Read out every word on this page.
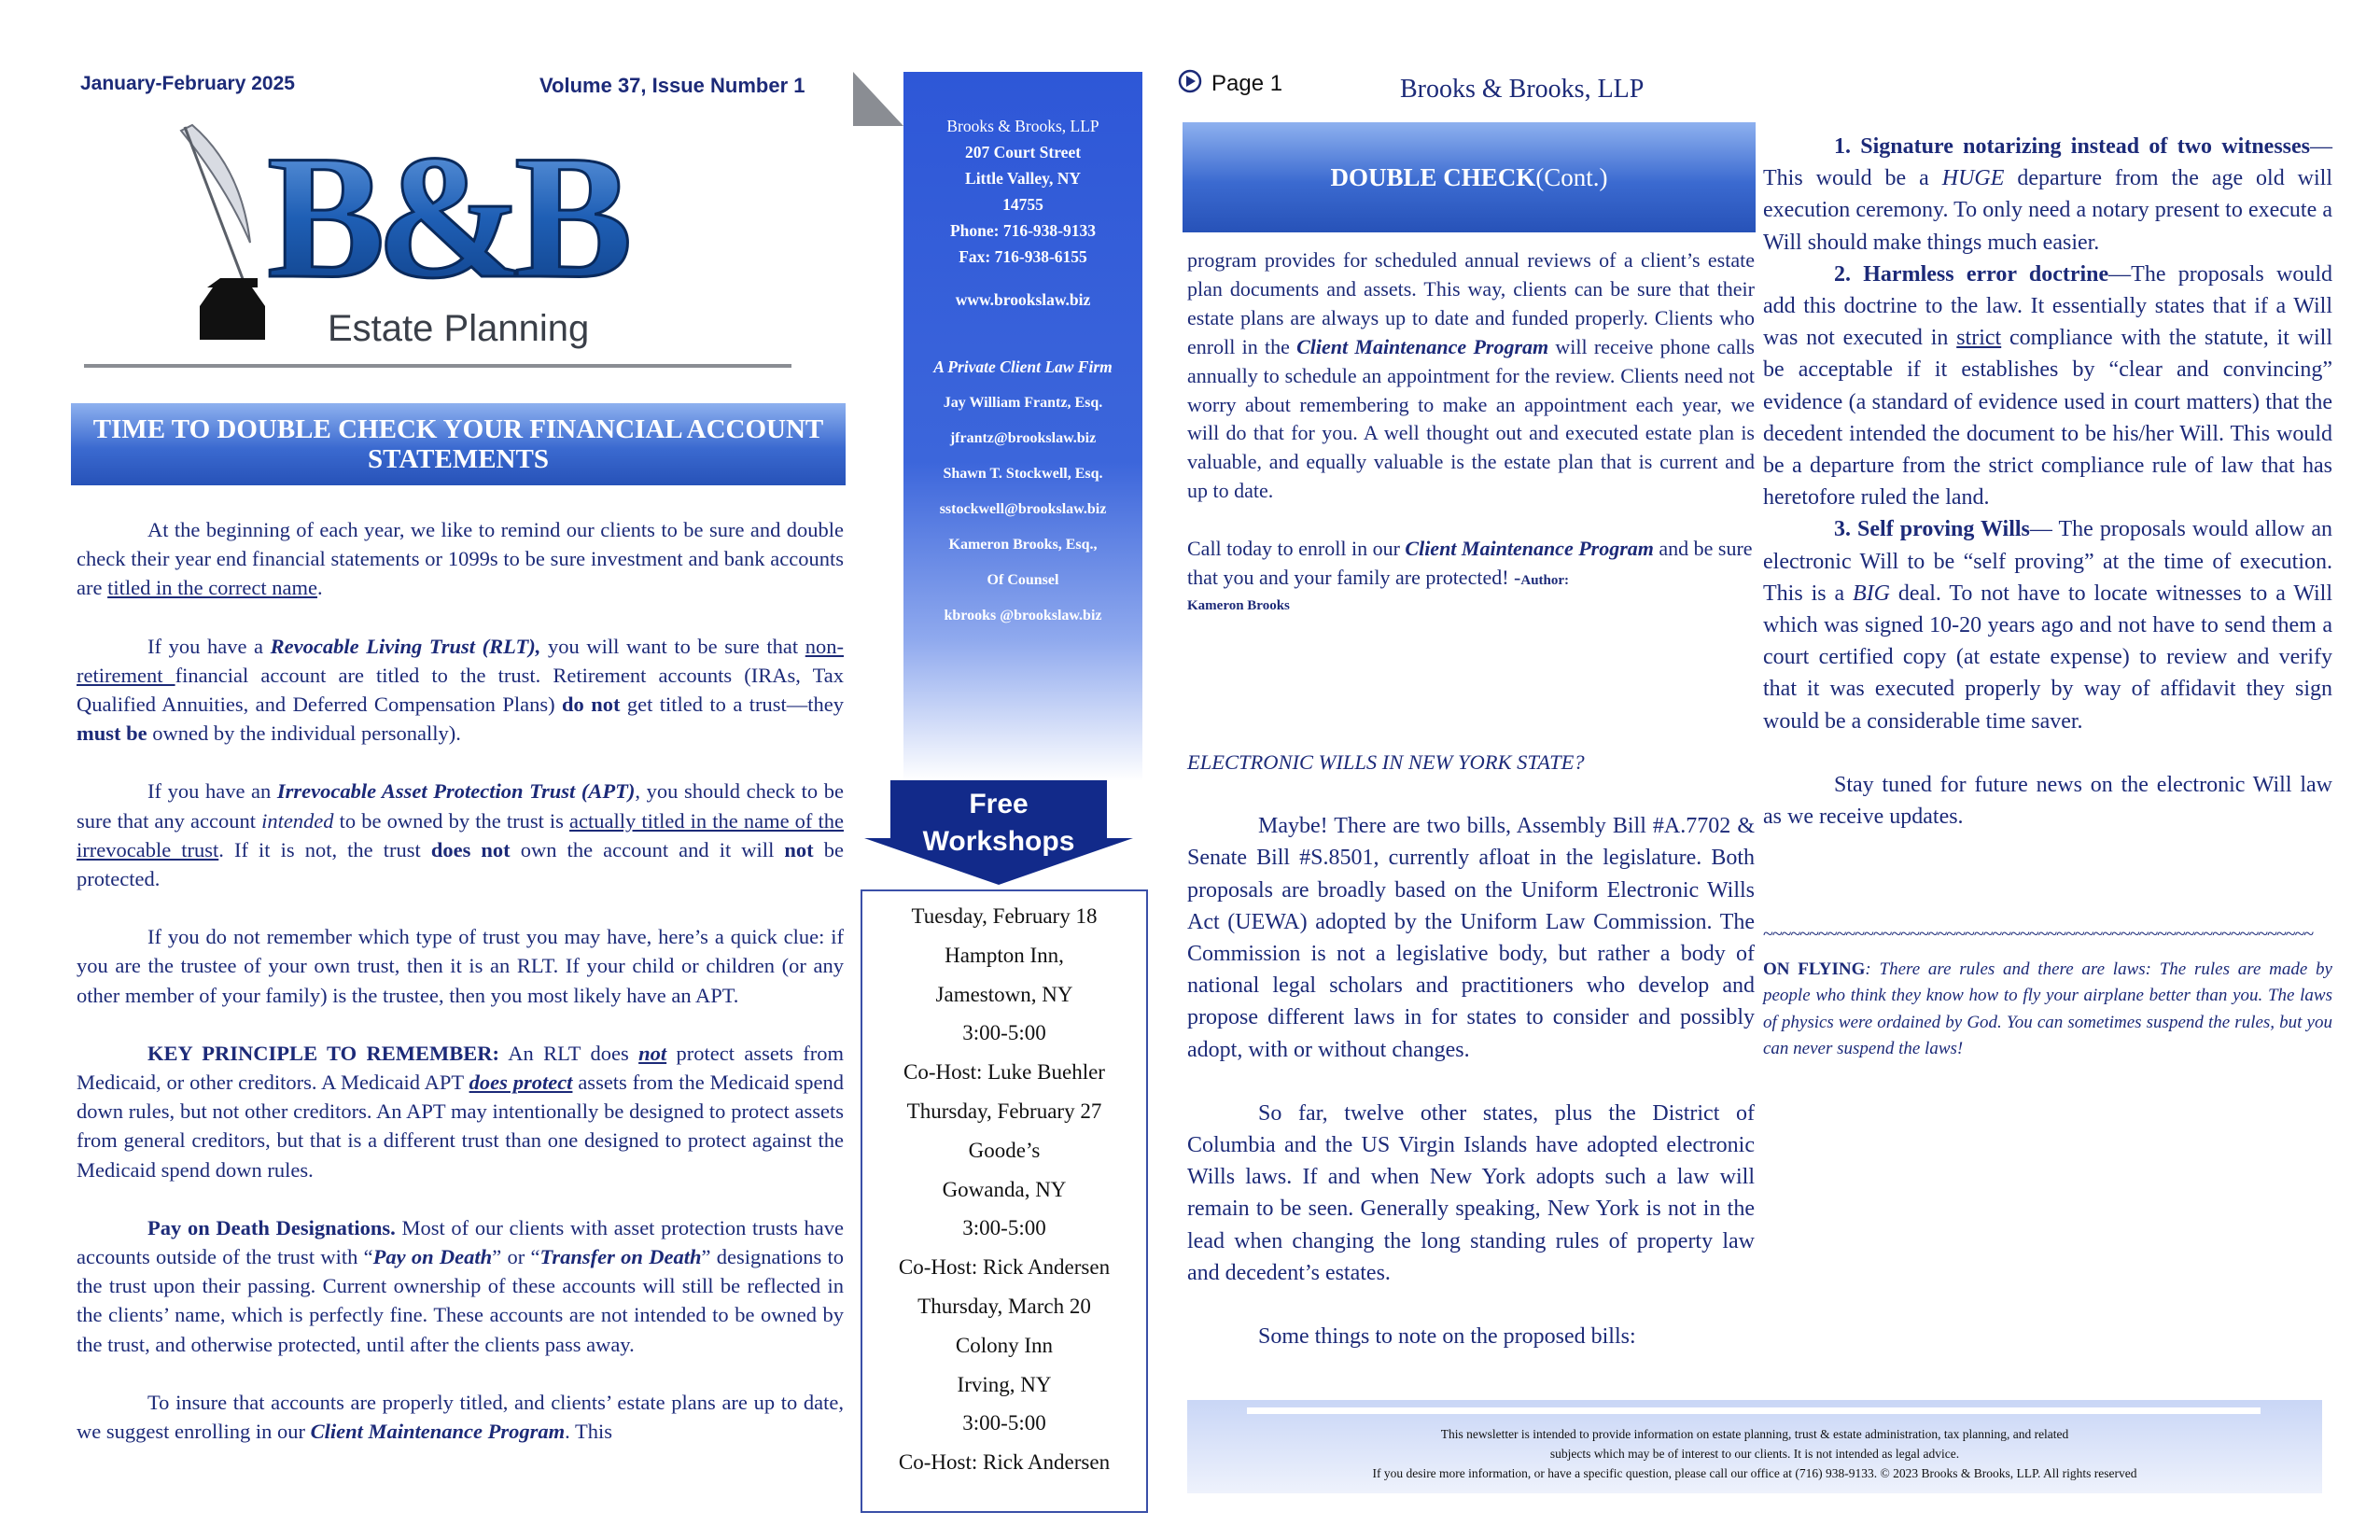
January-February 2025	Volume 37, Issue Number 1
B&B
Estate Planning
TIME TO DOUBLE CHECK YOUR FINANCIAL ACCOUNT STATEMENTS

At the beginning of each year, we like to remind our clients to be sure and double check their year end financial statements or 1099s to be sure investment and bank accounts are titled in the correct name.

If you have a Revocable Living Trust (RLT), you will want to be sure that non-retirement financial account are titled to the trust. Retirement accounts (IRAs, Tax Qualified Annuities, and Deferred Compensation Plans) do not get titled to a trust—they must be owned by the individual personally).

If you have an Irrevocable Asset Protection Trust (APT), you should check to be sure that any account intended to be owned by the trust is actually titled in the name of the irrevocable trust. If it is not, the trust does not own the account and it will not be protected.

If you do not remember which type of trust you may have, here’s a quick clue: if you are the trustee of your own trust, then it is an RLT. If your child or children (or any other member of your family) is the trustee, then you most likely have an APT.

KEY PRINCIPLE TO REMEMBER: An RLT does not protect assets from Medicaid, or other creditors. A Medicaid APT does protect assets from the Medicaid spend down rules, but not other creditors. An APT may intentionally be designed to protect assets from general creditors, but that is a different trust than one designed to protect against the Medicaid spend down rules.

Pay on Death Designations. Most of our clients with asset protection trusts have accounts outside of the trust with “Pay on Death” or “Transfer on Death” designations to the trust upon their passing. Current ownership of these accounts will still be reflected in the clients’ name, which is perfectly fine. These accounts are not intended to be owned by the trust, and otherwise protected, until after the clients pass away.

To insure that accounts are properly titled, and clients’ estate plans are up to date, we suggest enrolling in our Client Maintenance Program. This

Brooks & Brooks, LLP
207 Court Street
Little Valley, NY
14755
Phone: 716-938-9133
Fax: 716-938-6155
www.brookslaw.biz
A Private Client Law Firm
Jay William Frantz, Esq.
jfrantz@brookslaw.biz
Shawn T. Stockwell, Esq.
sstockwell@brookslaw.biz
Kameron Brooks, Esq.,
Of Counsel
kbrooks @brookslaw.biz
Free
Workshops
Tuesday, February 18
Hampton Inn,
Jamestown, NY
3:00-5:00
Co-Host: Luke Buehler
Thursday, February 27
Goode’s
Gowanda, NY
3:00-5:00
Co-Host: Rick Andersen
Thursday, March 20
Colony Inn
Irving, NY
3:00-5:00
Co-Host: Rick Andersen
Page 1	Brooks & Brooks, LLP
DOUBLE CHECK (Cont.)

program provides for scheduled annual reviews of a client’s estate plan documents and assets. This way, clients can be sure that their estate plans are always up to date and funded properly. Clients who enroll in the Client Maintenance Program will receive phone calls annually to schedule an appointment for the review. Clients need not worry about remembering to make an appointment each year, we will do that for you. A well thought out and executed estate plan is valuable, and equally valuable is the estate plan that is current and up to date.

Call today to enroll in our Client Maintenance Program and be sure that you and your family are protected! -Author:

Kameron Brooks

ELECTRONIC WILLS IN NEW YORK STATE?

Maybe! There are two bills, Assembly Bill #A.7702 & Senate Bill #S.8501, currently afloat in the legislature. Both proposals are broadly based on the Uniform Electronic Wills Act (UEWA) adopted by the Uniform Law Commission. The Commission is not a legislative body, but rather a body of national legal scholars and practitioners who develop and propose different laws in for states to consider and possibly adopt, with or without changes.

So far, twelve other states, plus the District of Columbia and the US Virgin Islands have adopted electronic Wills laws. If and when New York adopts such a law will remain to be seen. Generally speaking, New York is not in the lead when changing the long standing rules of property law and decedent’s estates.

Some things to note on the proposed bills:

1. Signature notarizing instead of two witnesses—This would be a HUGE departure from the age old will execution ceremony. To only need a notary present to execute a Will should make things much easier.

2. Harmless error doctrine—The proposals would add this doctrine to the law. It essentially states that if a Will was not executed in strict compliance with the statute, it will be acceptable if it establishes by “clear and convincing” evidence (a standard of evidence used in court matters) that the decedent intended the document to be his/her Will. This would be a departure from the strict compliance rule of law that has heretofore ruled the land.

3. Self proving Wills— The proposals would allow an electronic Will to be “self proving” at the time of execution. This is a BIG deal. To not have to locate witnesses to a Will which was signed 10-20 years ago and not have to send them a court certified copy (at estate expense) to review and verify that it was executed properly by way of affidavit they sign would be a considerable time saver.

Stay tuned for future news on the electronic Will law as we receive updates.

~~~~~~~~~~~~~~~~~~~~~~~~~~~~~~~~~~~~~~~~~~~~~~~~~~~~~~~~~~~~
ON FLYING: There are rules and there are laws: The rules are made by people who think they know how to fly your airplane better than you. The laws of physics were ordained by God. You can sometimes suspend the rules, but you can never suspend the laws!
This newsletter is intended to provide information on estate planning, trust & estate administration, tax planning, and related
subjects which may be of interest to our clients. It is not intended as legal advice.
If you desire more information, or have a specific question, please call our office at (716) 938-9133. © 2023 Brooks & Brooks, LLP. All rights reserved
